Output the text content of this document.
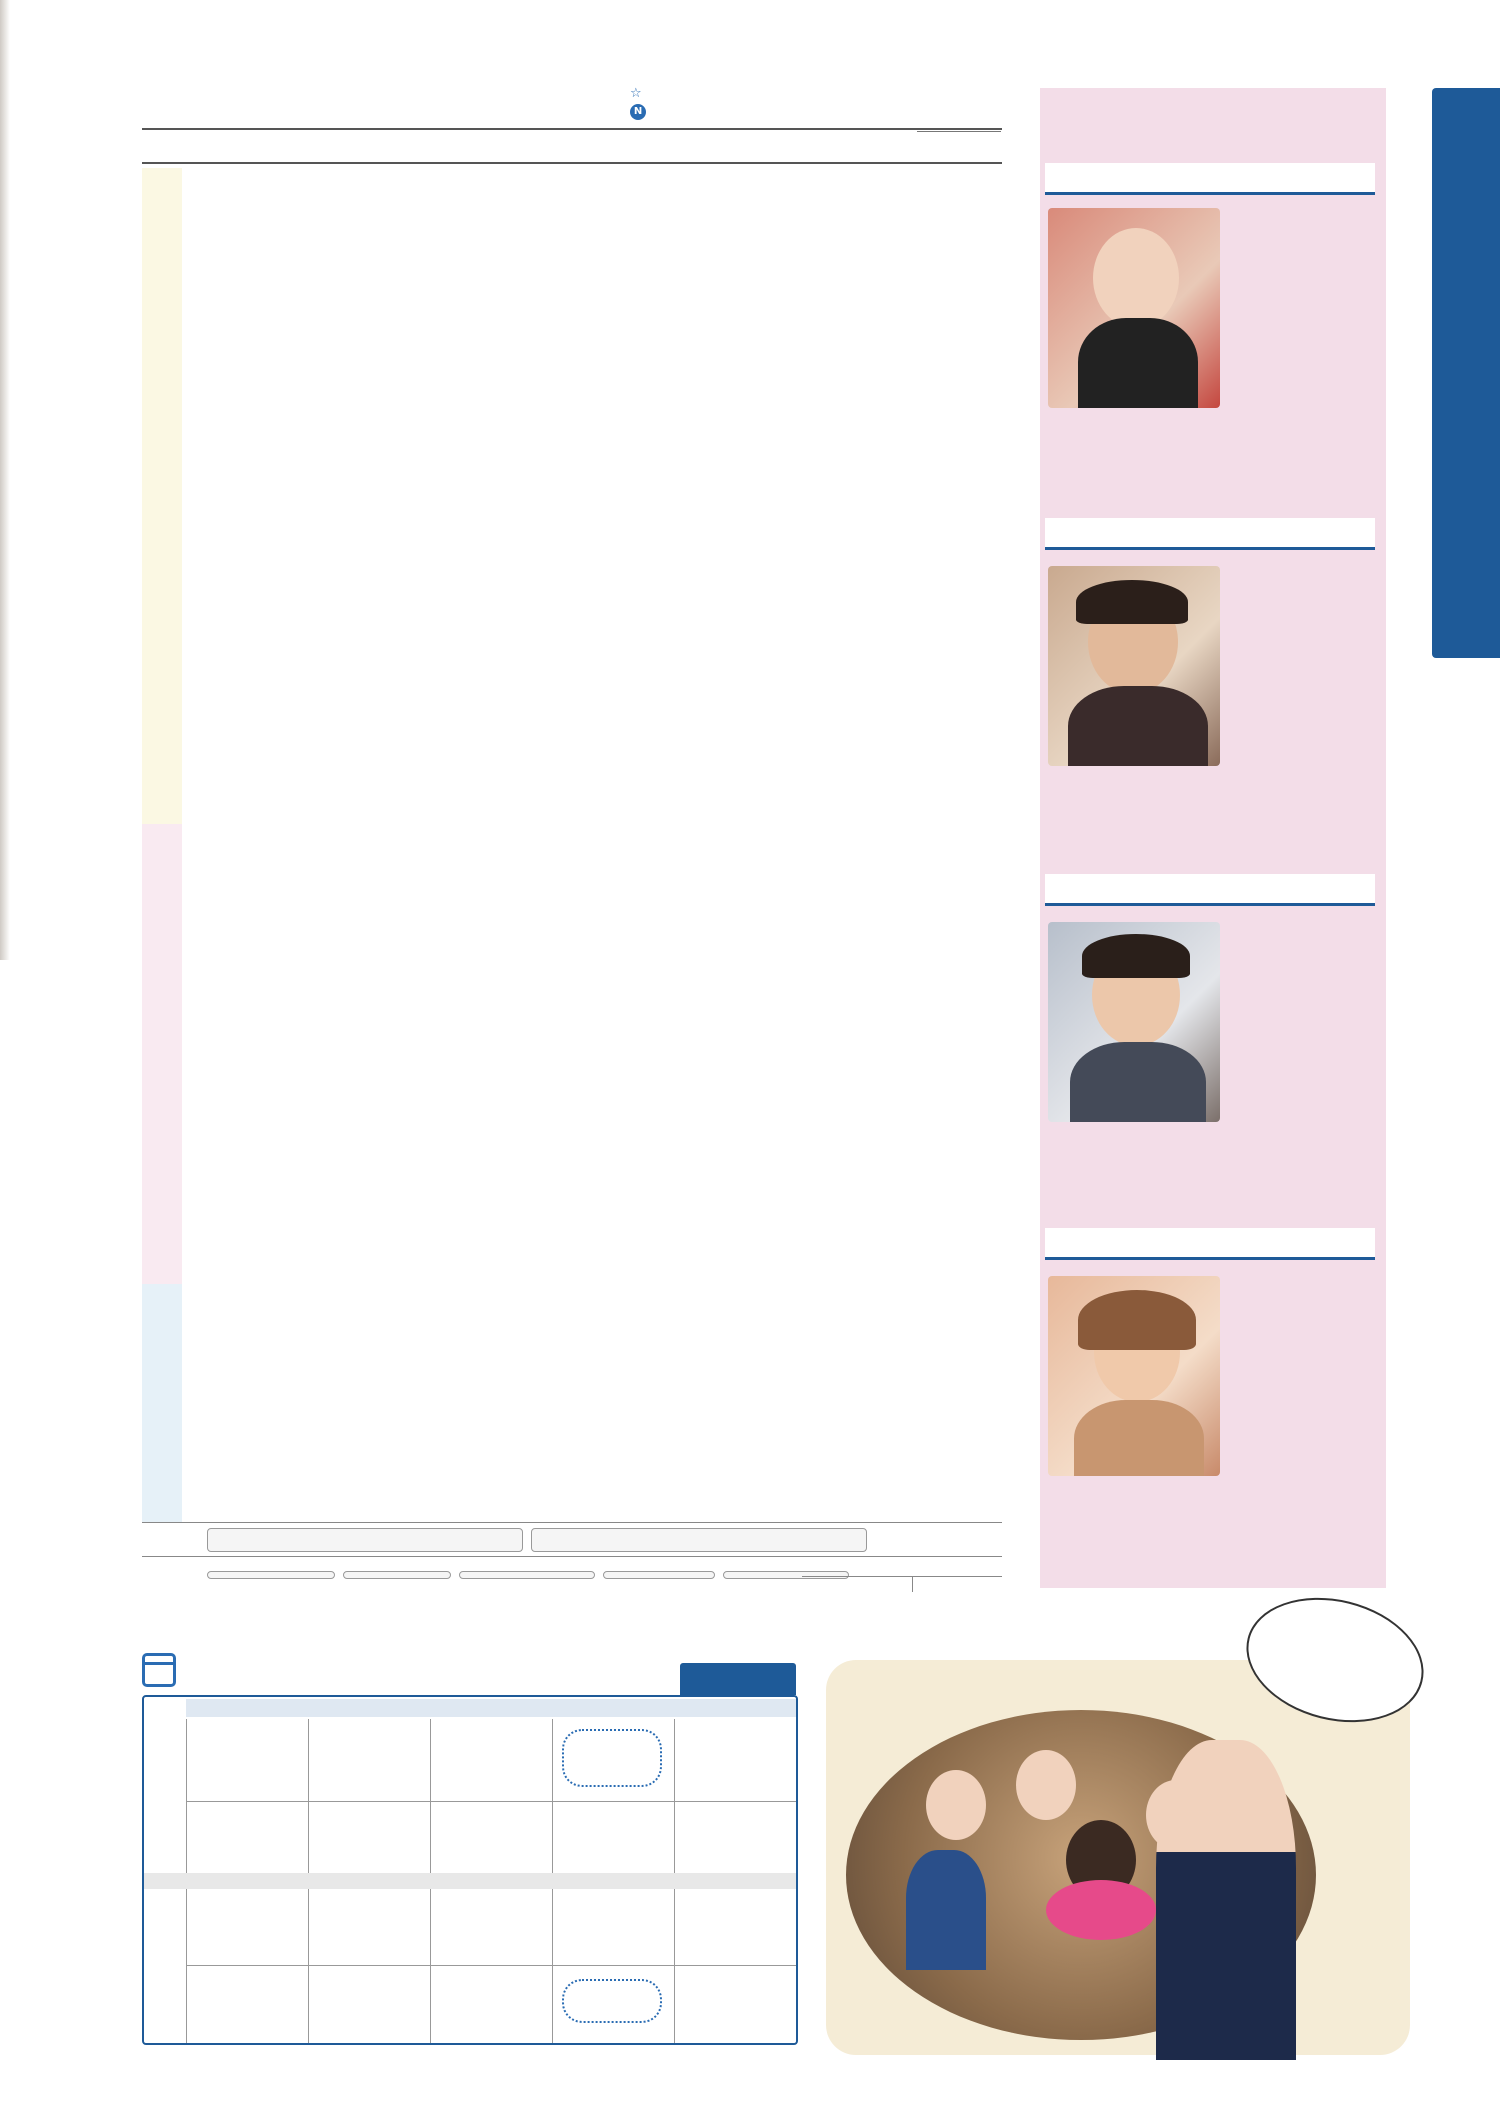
☆
N
